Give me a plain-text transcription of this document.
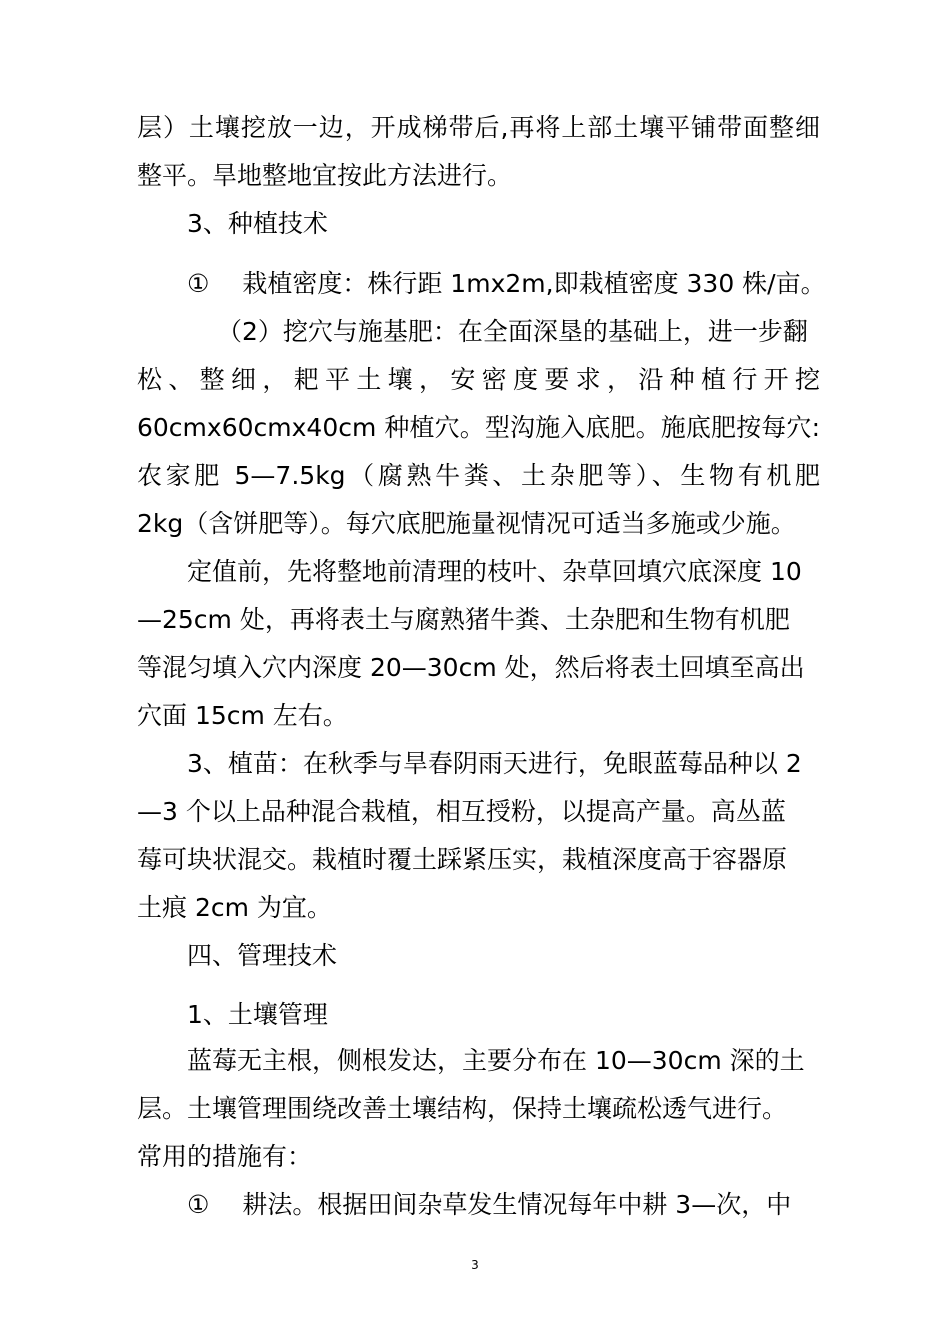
层）土壤挖放一边，开成梯带后,再将上部土壤平铺带面整细
整平。旱地整地宜按此方法进行。
3、种植技术
①　 栽植密度：株行距 1mx2m,即栽植密度 330 株/亩。
（2）挖穴与施基肥：在全面深垦的基础上，进一步翻
松、整细，耙平土壤，安密度要求，沿种植行开挖
60cmx60cmx40cm 种植穴。型沟施入底肥。施底肥按每穴:
农家肥 5—7.5kg（腐熟牛粪、土杂肥等）、生物有机肥
2kg（含饼肥等）。每穴底肥施量视情况可适当多施或少施。
定值前，先将整地前清理的枝叶、杂草回填穴底深度 10
—25cm 处，再将表土与腐熟猪牛粪、土杂肥和生物有机肥
等混匀填入穴内深度 20—30cm 处，然后将表土回填至高出
穴面 15cm 左右。
3、植苗：在秋季与旱春阴雨天进行，免眼蓝莓品种以 2
—3 个以上品种混合栽植，相互授粉，以提高产量。高丛蓝
莓可块状混交。栽植时覆土踩紧压实，栽植深度高于容器原
土痕 2cm 为宜。
四、管理技术
1、土壤管理
蓝莓无主根，侧根发达，主要分布在 10—30cm 深的土
层。土壤管理围绕改善土壤结构，保持土壤疏松透气进行。
常用的措施有：
①　 耕法。根据田间杂草发生情况每年中耕 3—次，中
3
